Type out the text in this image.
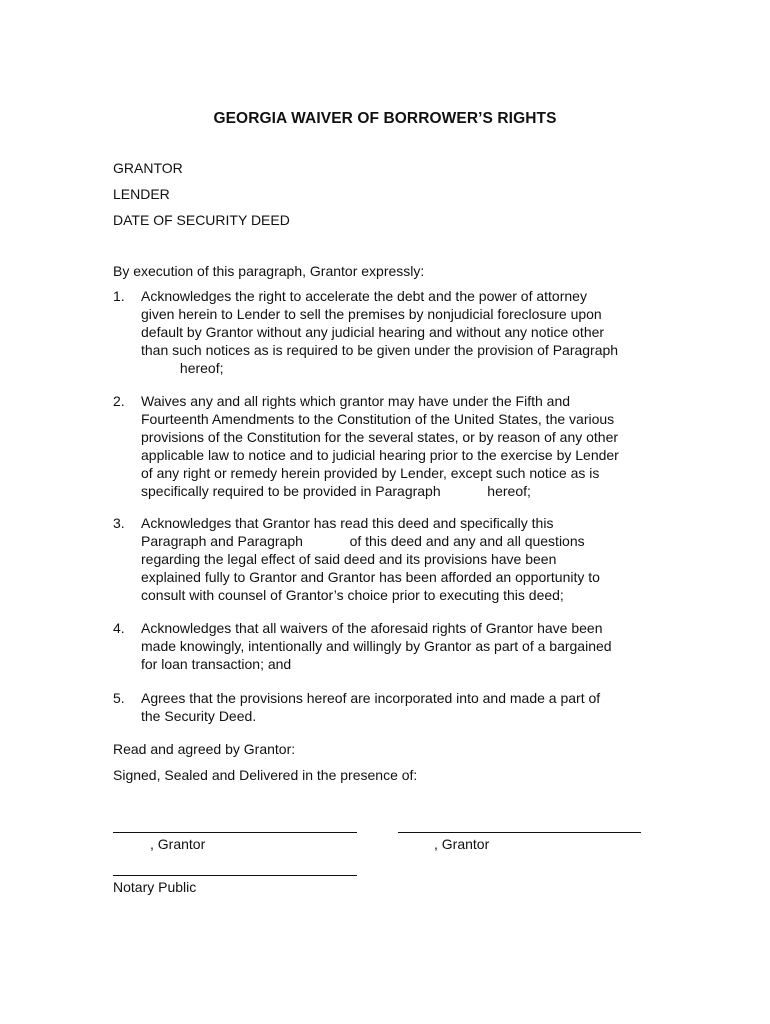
GEORGIA WAIVER OF BORROWER’S RIGHTS
GRANTOR
LENDER
DATE OF SECURITY DEED
By execution of this paragraph, Grantor expressly:
1. Acknowledges the right to accelerate the debt and the power of attorney
given herein to Lender to sell the premises by nonjudicial foreclosure upon
default by Grantor without any judicial hearing and without any notice other
than such notices as is required to be given under the provision of Paragraph
hereof;
2. Waives any and all rights which grantor may have under the Fifth and
Fourteenth Amendments to the Constitution of the United States, the various
provisions of the Constitution for the several states, or by reason of any other
applicable law to notice and to judicial hearing prior to the exercise by Lender
of any right or remedy herein provided by Lender, except such notice as is
specifically required to be provided in Paragraph            hereof;
3. Acknowledges that Grantor has read this deed and specifically this
Paragraph and Paragraph            of this deed and any and all questions
regarding the legal effect of said deed and its provisions have been
explained fully to Grantor and Grantor has been afforded an opportunity to
consult with counsel of Grantor’s choice prior to executing this deed;
4. Acknowledges that all waivers of the aforesaid rights of Grantor have been
made knowingly, intentionally and willingly by Grantor as part of a bargained
for loan transaction; and
5. Agrees that the provisions hereof are incorporated into and made a part of
the Security Deed.
Read and agreed by Grantor:
Signed, Sealed and Delivered in the presence of:
, Grantor	, Grantor
Notary Public
